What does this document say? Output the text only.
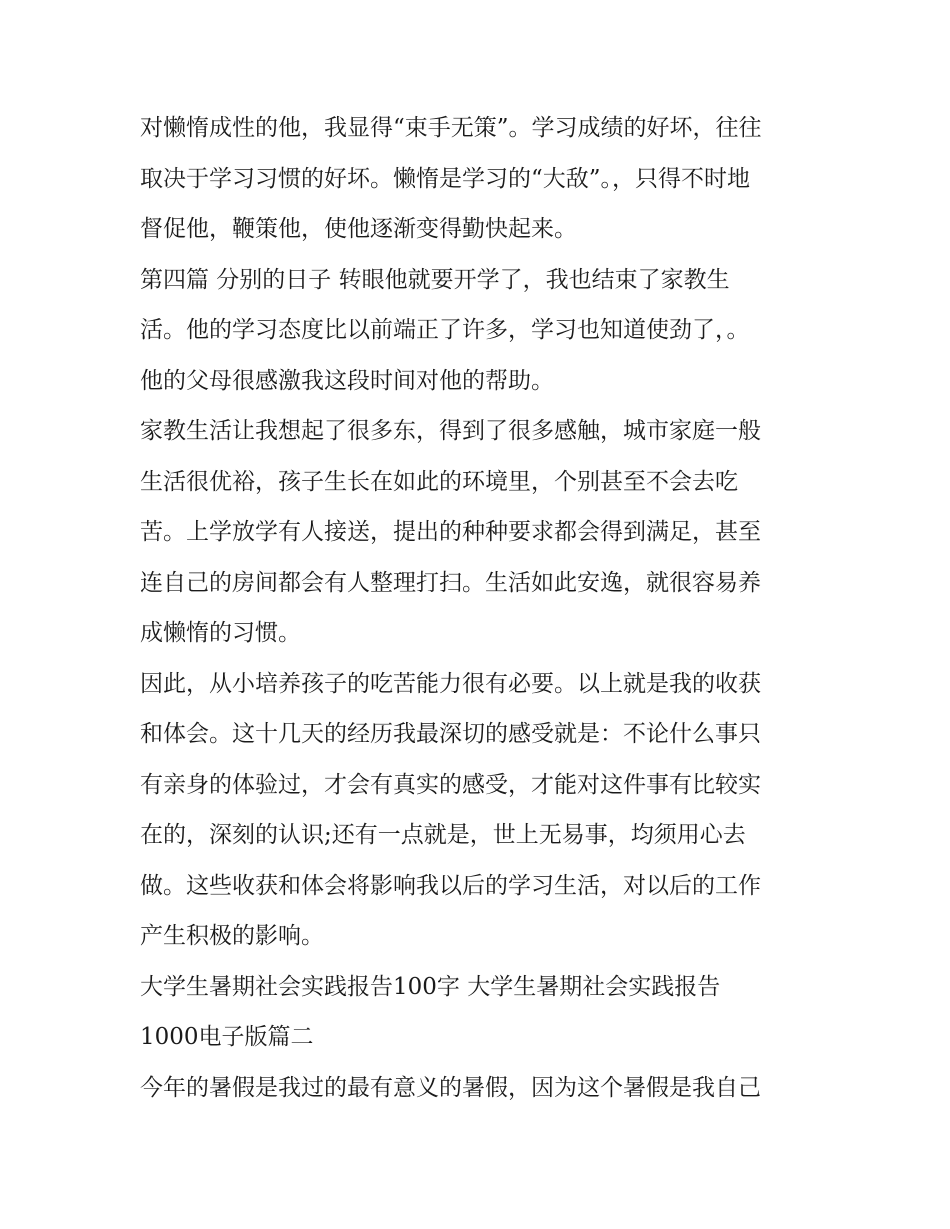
对懒惰成性的他，我显得“束手无策”。学习成绩的好坏，往往
取决于学习习惯的好坏。懒惰是学习的“大敌”。，只得不时地
督促他，鞭策他，使他逐渐变得勤快起来。
第四篇 分别的日子 转眼他就要开学了，我也结束了家教生
活。他的学习态度比以前端正了许多，学习也知道使劲了，。
他的父母很感激我这段时间对他的帮助。
家教生活让我想起了很多东，得到了很多感触，城市家庭一般
生活很优裕，孩子生长在如此的环境里，个别甚至不会去吃
苦。上学放学有人接送，提出的种种要求都会得到满足，甚至
连自己的房间都会有人整理打扫。生活如此安逸，就很容易养
成懒惰的习惯。
因此，从小培养孩子的吃苦能力很有必要。以上就是我的收获
和体会。这十几天的经历我最深切的感受就是：不论什么事只
有亲身的体验过，才会有真实的感受，才能对这件事有比较实
在的，深刻的认识;还有一点就是，世上无易事，均须用心去
做。这些收获和体会将影响我以后的学习生活，对以后的工作
产生积极的影响。
大学生暑期社会实践报告100字 大学生暑期社会实践报告
1000电子版篇二
今年的暑假是我过的最有意义的暑假，因为这个暑假是我自己
